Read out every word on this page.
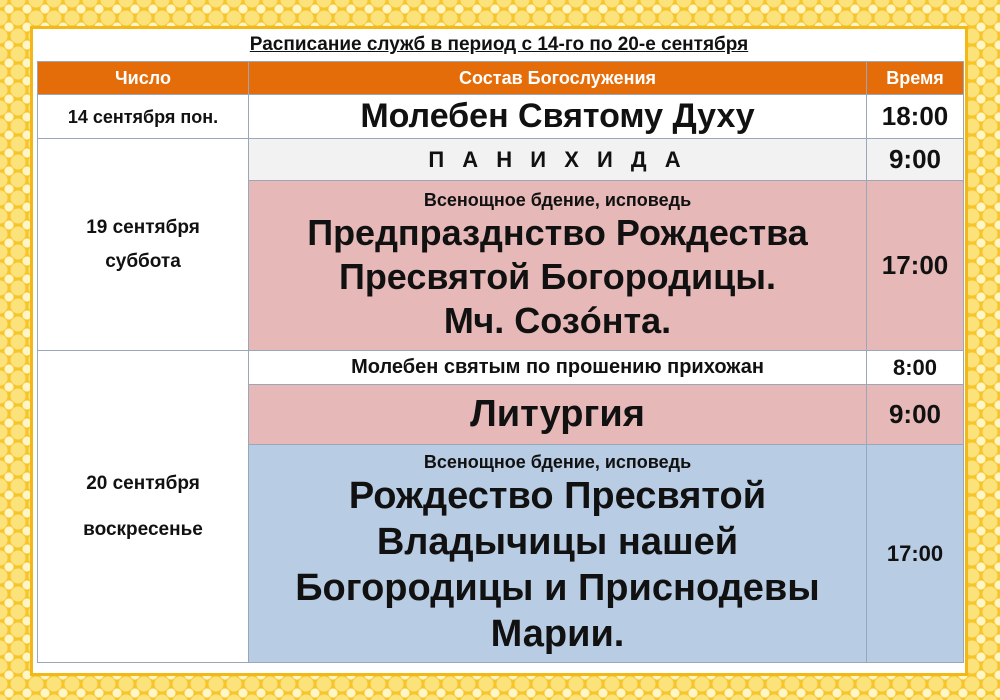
Расписание служб в период с 14-го по 20-е сентября
Число	Состав Богослужения	Время
14 сентября пон.	Молебен Святому Духу	18:00

19 сентября
суббота	П А Н И Х И Д А	9:00

	Всенощное бдение, исповедь
Предпразднство Рождества
Пресвятой Богородицы.
Мч. Созóнта.	17:00

20 сентября
воскресенье	Молебен святым по прошению прихожан	8:00
	Литургия	9:00

	Всенощное бдение, исповедь
Рождество Пресвятой
Владычицы нашей
Богородицы и Приснодевы
Марии.	17:00
